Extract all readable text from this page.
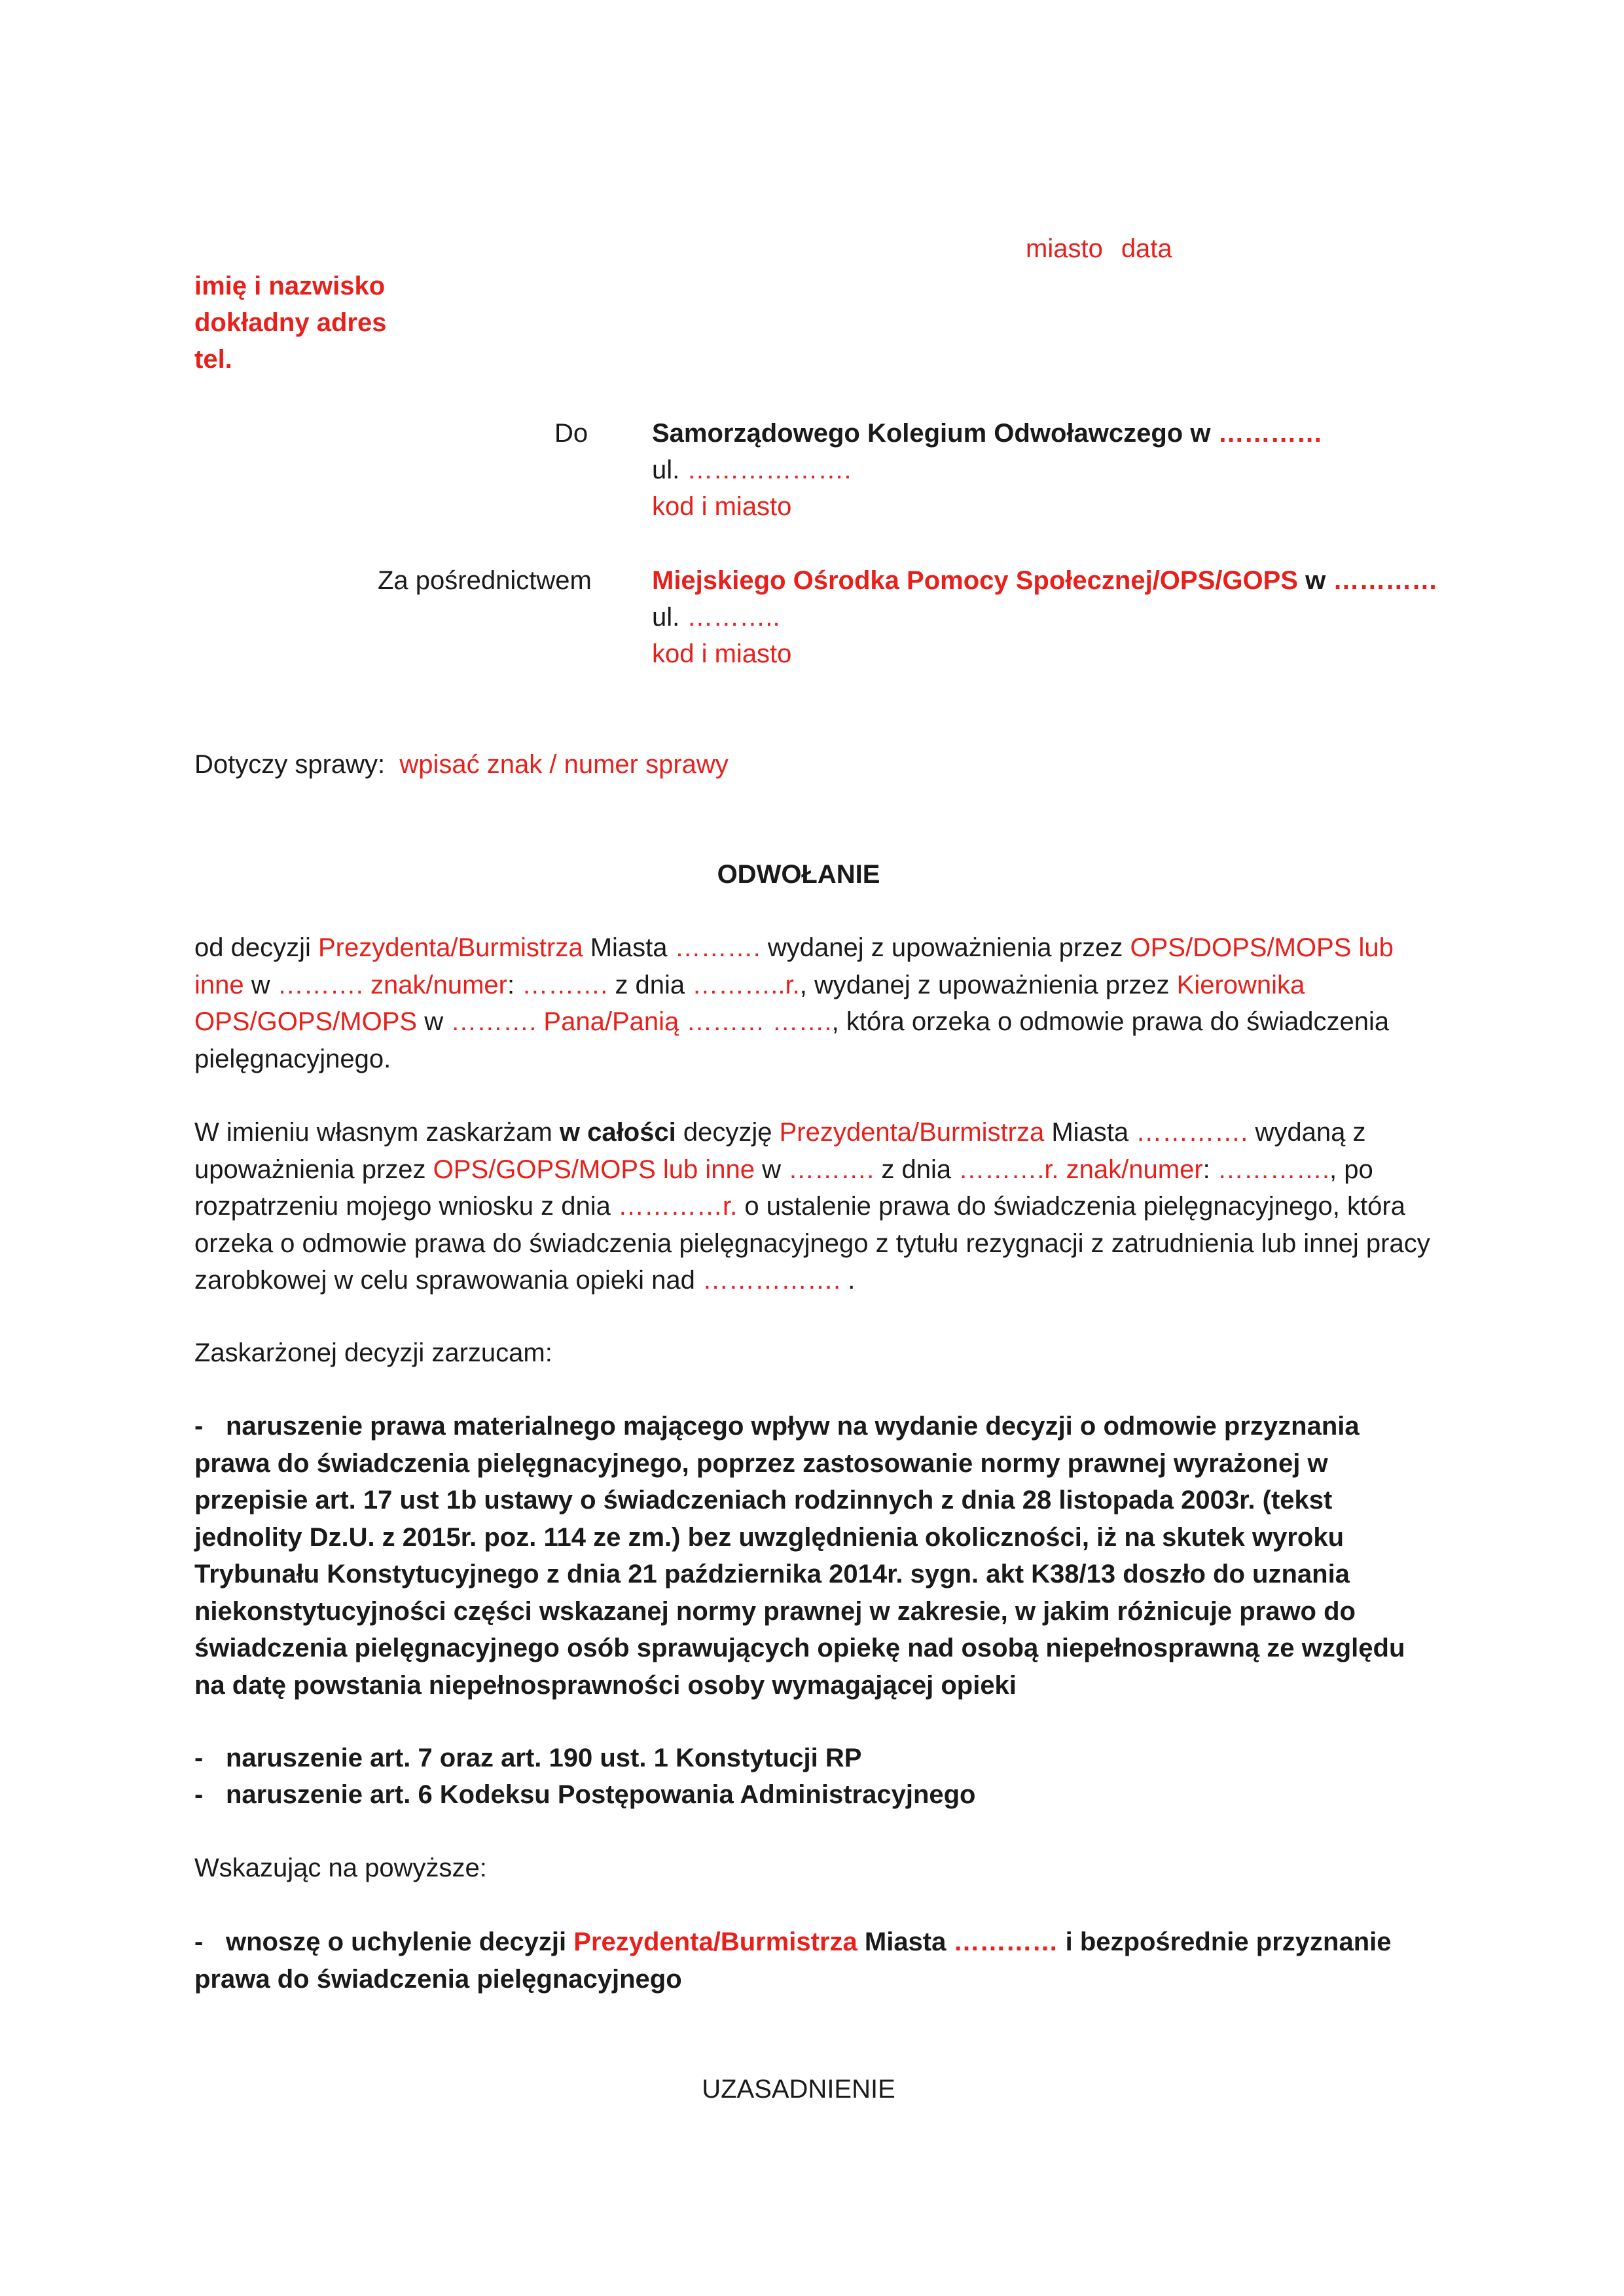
miasto data
imię i nazwisko
dokładny adres
tel.
Do Samorządowego Kolegium Odwoławczego w …………
ul. ……………….
kod i miasto
Za pośrednictwem Miejskiego Ośrodka Pomocy Społecznej/OPS/GOPS w …………
ul. ………..
kod i miasto
Dotyczy sprawy: wpisać znak / numer sprawy
ODWOŁANIE

od decyzji Prezydenta/Burmistrza Miasta ………. wydanej z upoważnienia przez OPS/DOPS/MOPS lub inne w ………. znak/numer: ………. z dnia ………..r., wydanej z upoważnienia przez Kierownika OPS/GOPS/MOPS w ………. Pana/Panią ……… ……., która orzeka o odmowie prawa do świadczenia pielęgnacyjnego.

W imieniu własnym zaskarżam w całości decyzję Prezydenta/Burmistrza Miasta …………. wydaną z upoważnienia przez OPS/GOPS/MOPS lub inne w ………. z dnia ……….r. znak/numer: …………., po rozpatrzeniu mojego wniosku z dnia …………r. o ustalenie prawa do świadczenia pielęgnacyjnego, która orzeka o odmowie prawa do świadczenia pielęgnacyjnego z tytułu rezygnacji z zatrudnienia lub innej pracy zarobkowej w celu sprawowania opieki nad ……………. .

Zaskarżonej decyzji zarzucam:

- naruszenie prawa materialnego mającego wpływ na wydanie decyzji o odmowie przyznania prawa do świadczenia pielęgnacyjnego, poprzez zastosowanie normy prawnej wyrażonej w przepisie art. 17 ust 1b ustawy o świadczeniach rodzinnych z dnia 28 listopada 2003r. (tekst jednolity Dz.U. z 2015r. poz. 114 ze zm.) bez uwzględnienia okoliczności, iż na skutek wyroku Trybunału Konstytucyjnego z dnia 21 października 2014r. sygn. akt K38/13 doszło do uznania niekonstytucyjności części wskazanej normy prawnej w zakresie, w jakim różnicuje prawo do świadczenia pielęgnacyjnego osób sprawujących opiekę nad osobą niepełnosprawną ze względu na datę powstania niepełnosprawności osoby wymagającej opieki

- naruszenie art. 7 oraz art. 190 ust. 1 Konstytucji RP
- naruszenie art. 6 Kodeksu Postępowania Administracyjnego
Wskazując na powyższe:

- wnoszę o uchylenie decyzji Prezydenta/Burmistrza Miasta ………… i bezpośrednie przyznanie prawa do świadczenia pielęgnacyjnego

UZASADNIENIE
